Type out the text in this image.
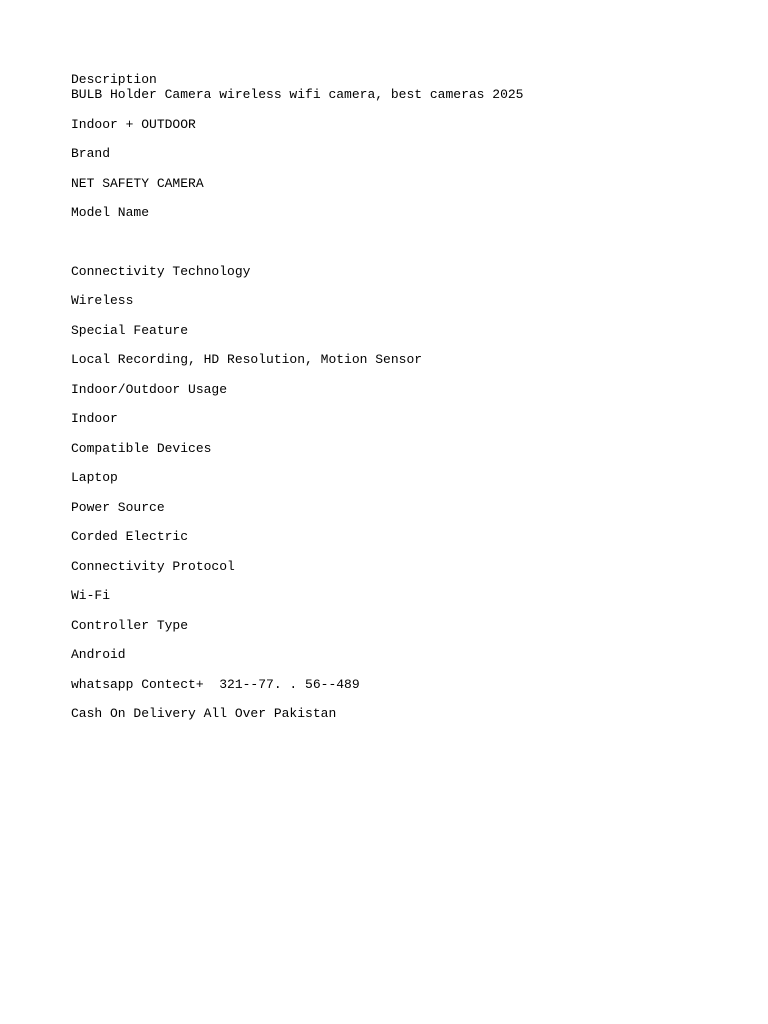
Description

BULB Holder Camera wireless wifi camera, best cameras 2025

Indoor + OUTDOOR

Brand

NET SAFETY CAMERA

Model Name

Connectivity Technology

Wireless

Special Feature

Local Recording, HD Resolution, Motion Sensor

Indoor/Outdoor Usage

Indoor

Compatible Devices

Laptop

Power Source

Corded Electric

Connectivity Protocol

Wi-Fi

Controller Type

Android

whatsapp Contect+  321--77. . 56--489

Cash On Delivery All Over Pakistan
